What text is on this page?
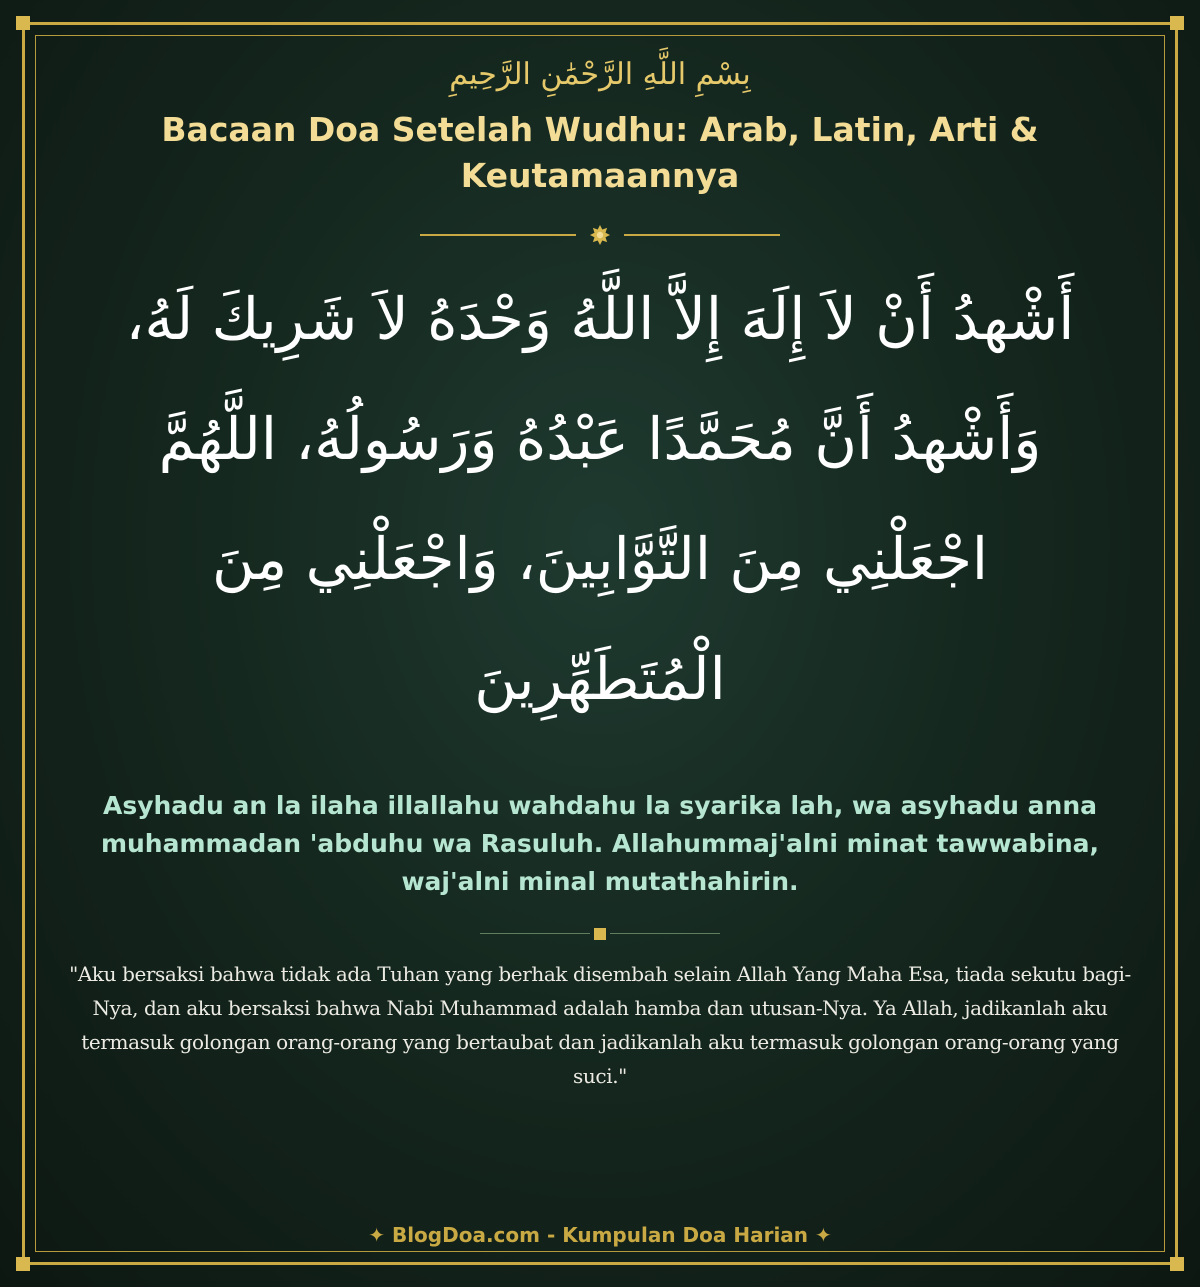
بِسْمِ اللَّهِ الرَّحْمَٰنِ الرَّحِيمِ

Bacaan Doa Setelah Wudhu: Arab, Latin, Arti & Keutamaannya

أَشْهدُ أَنْ لاَ إِلَهَ إِلاَّ اللَّهُ وَحْدَهُ لاَ شَرِيكَ لَهُ، وَأَشْهدُ أَنَّ مُحَمَّدًا عَبْدُهُ وَرَسُولُهُ، اللَّهُمَّ اجْعَلْنِي مِنَ التَّوَّابِينَ، وَاجْعَلْنِي مِنَ الْمُتَطَهِّرِينَ

Asyhadu an la ilaha illallahu wahdahu la syarika lah, wa asyhadu anna muhammadan 'abduhu wa Rasuluh. Allahummaj'alni minat tawwabina, waj'alni minal mutathahirin.

"Aku bersaksi bahwa tidak ada Tuhan yang berhak disembah selain Allah Yang Maha Esa, tiada sekutu bagi-Nya, dan aku bersaksi bahwa Nabi Muhammad adalah hamba dan utusan-Nya. Ya Allah, jadikanlah aku termasuk golongan orang-orang yang bertaubat dan jadikanlah aku termasuk golongan orang-orang yang suci."

✦ BlogDoa.com - Kumpulan Doa Harian ✦
